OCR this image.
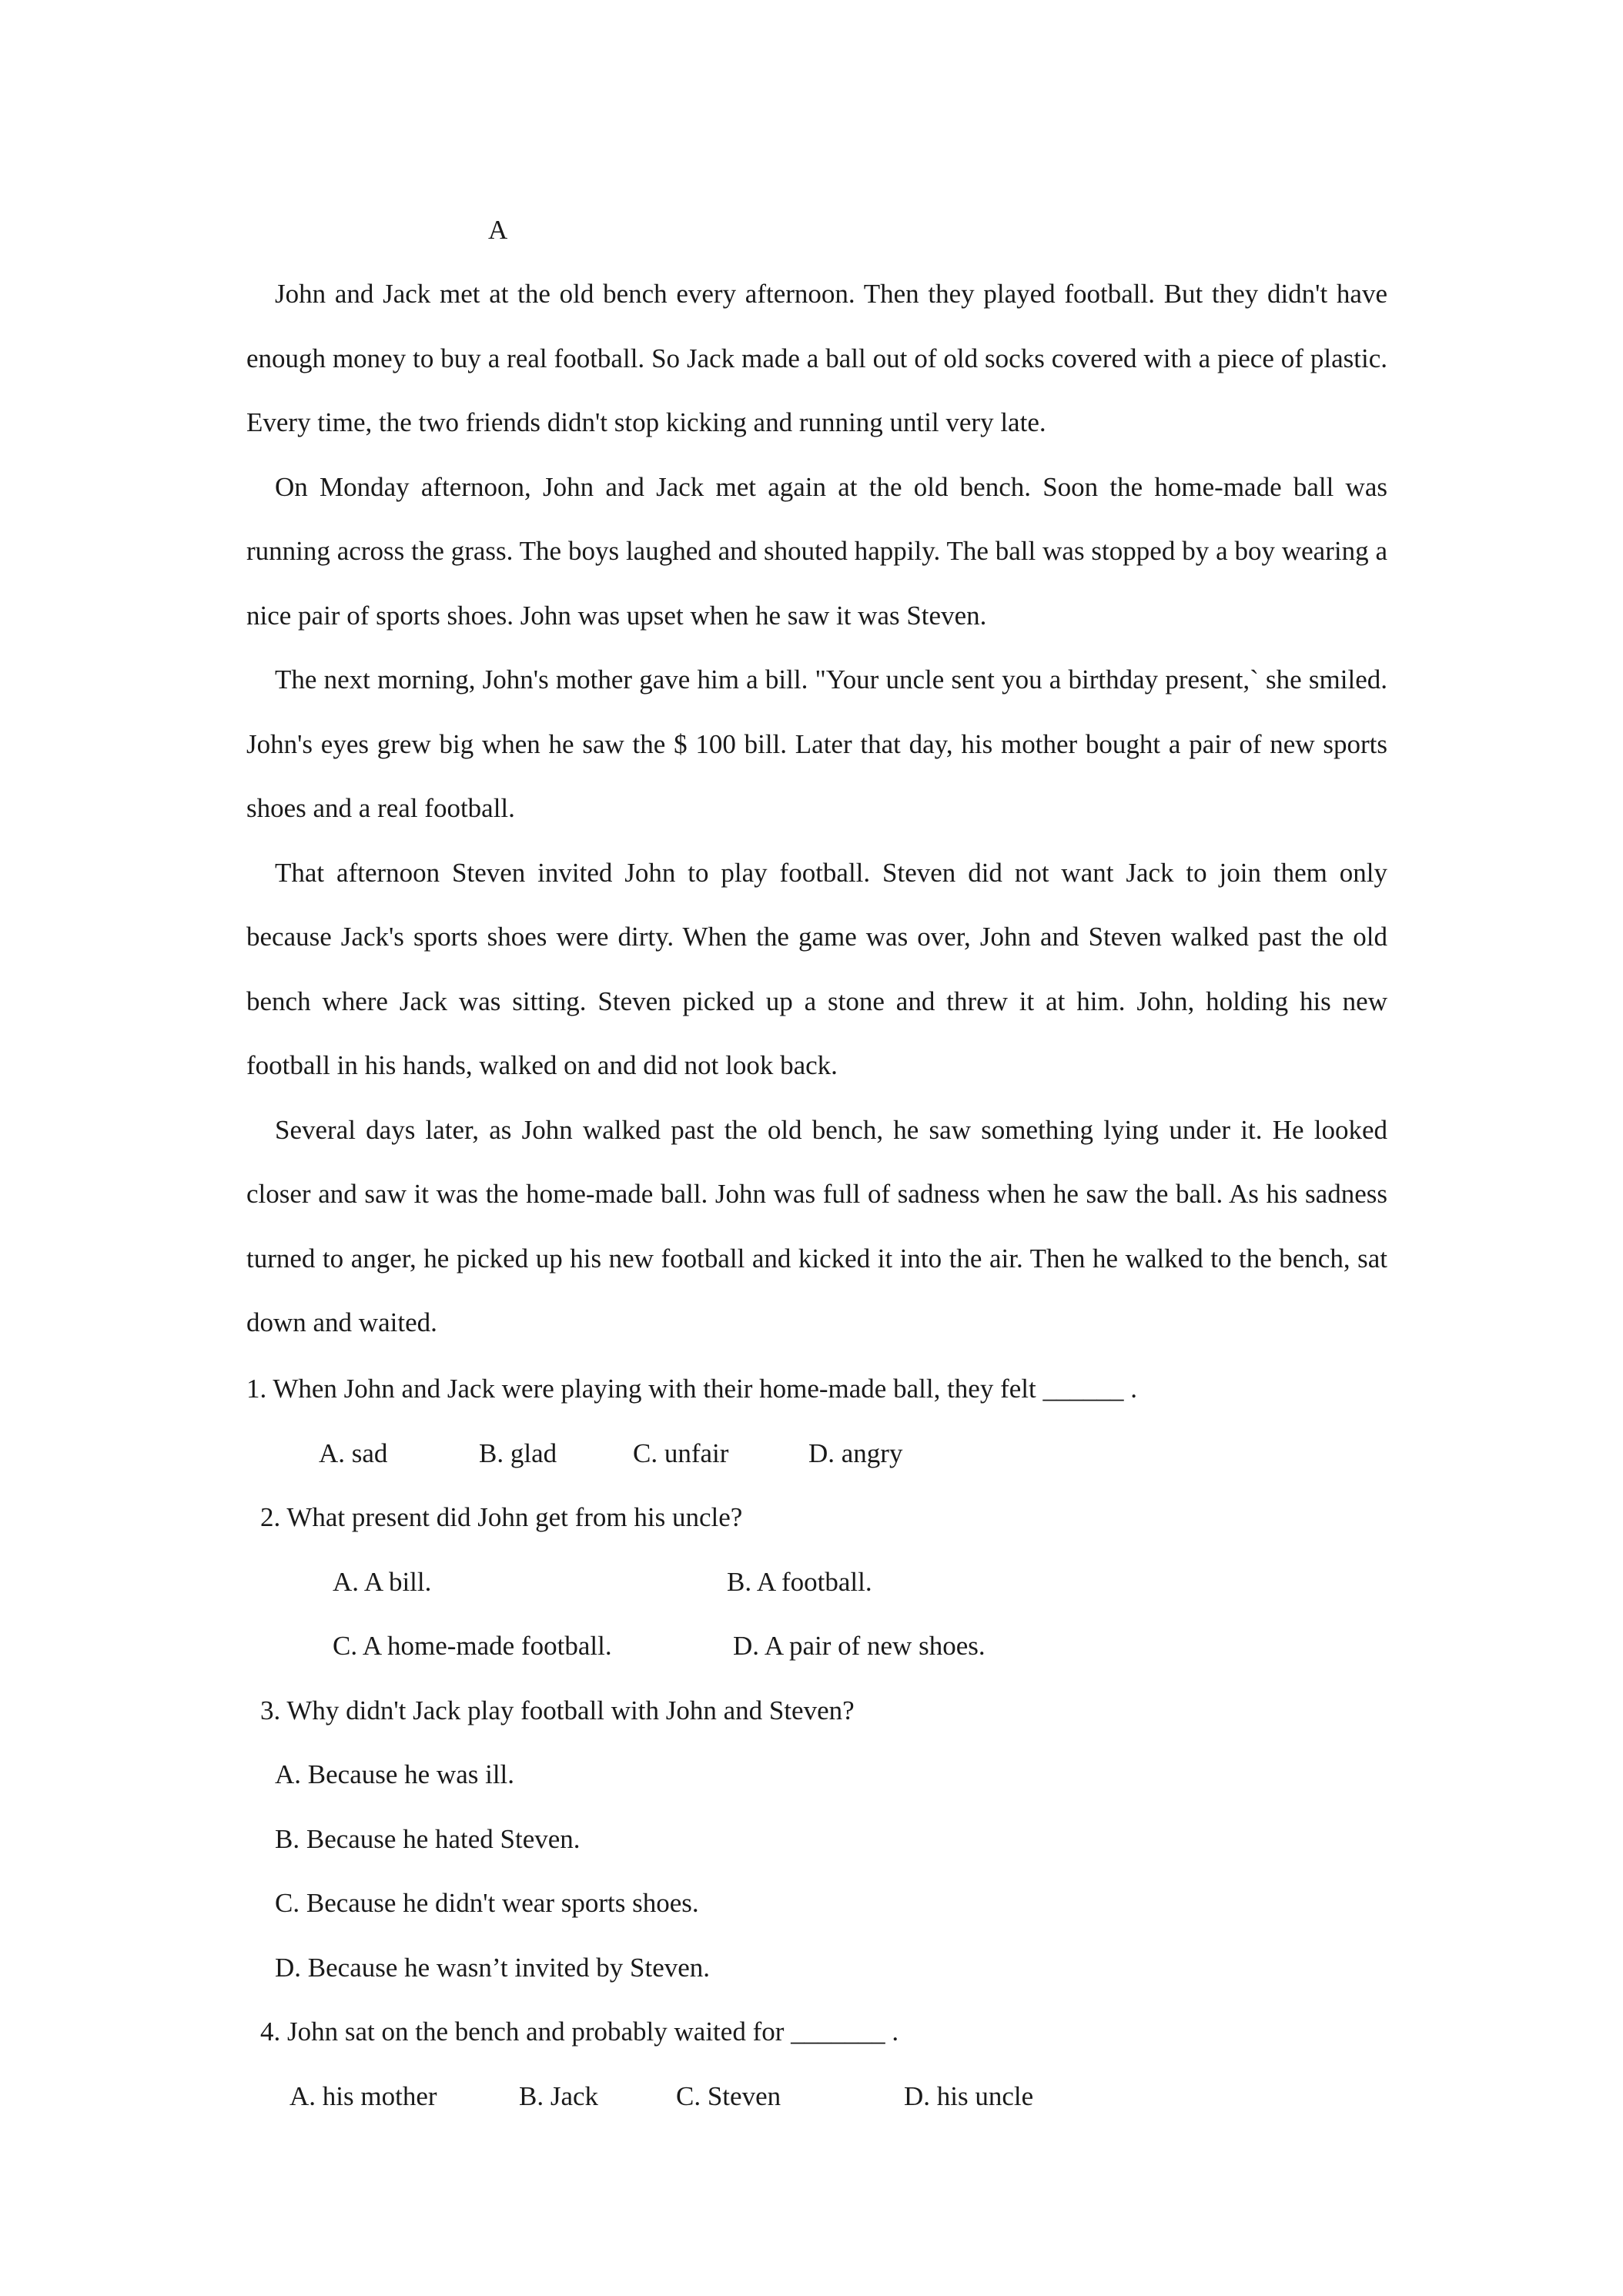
A

John and Jack met at the old bench every afternoon. Then they played football. But they didn't have enough money to buy a real football. So Jack made a ball out of old socks covered with a piece of plastic. Every time, the two friends didn't stop kicking and running until very late.

On Monday afternoon, John and Jack met again at the old bench. Soon the home-made ball was running across the grass. The boys laughed and shouted happily. The ball was stopped by a boy wearing a nice pair of sports shoes. John was upset when he saw it was Steven.

The next morning, John's mother gave him a bill. "Your uncle sent you a birthday present,` she smiled. John's eyes grew big when he saw the $ 100 bill. Later that day, his mother bought a pair of new sports shoes and a real football.

That afternoon Steven invited John to play football. Steven did not want Jack to join them only because Jack's sports shoes were dirty. When the game was over, John and Steven walked past the old bench where Jack was sitting. Steven picked up a stone and threw it at him. John, holding his new football in his hands, walked on and did not look back.

Several days later, as John walked past the old bench, he saw something lying under it. He looked closer and saw it was the home-made ball. John was full of sadness when he saw the ball. As his sadness turned to anger, he picked up his new football and kicked it into the air. Then he walked to the bench, sat down and waited.

1. When John and Jack were playing with their home-made ball, they felt ______ .

A. sad	B. glad	C. unfair	D. angry

2. What present did John get from his uncle?

A. A bill.	B. A football.
C. A home-made football.	D. A pair of new shoes.

3. Why didn't Jack play football with John and Steven?

A. Because he was ill.

B. Because he hated Steven.

C. Because he didn't wear sports shoes.

D. Because he wasn’t invited by Steven.

4. John sat on the bench and probably waited for _______ .

A. his mother	B. Jack	C. Steven	D. his uncle
